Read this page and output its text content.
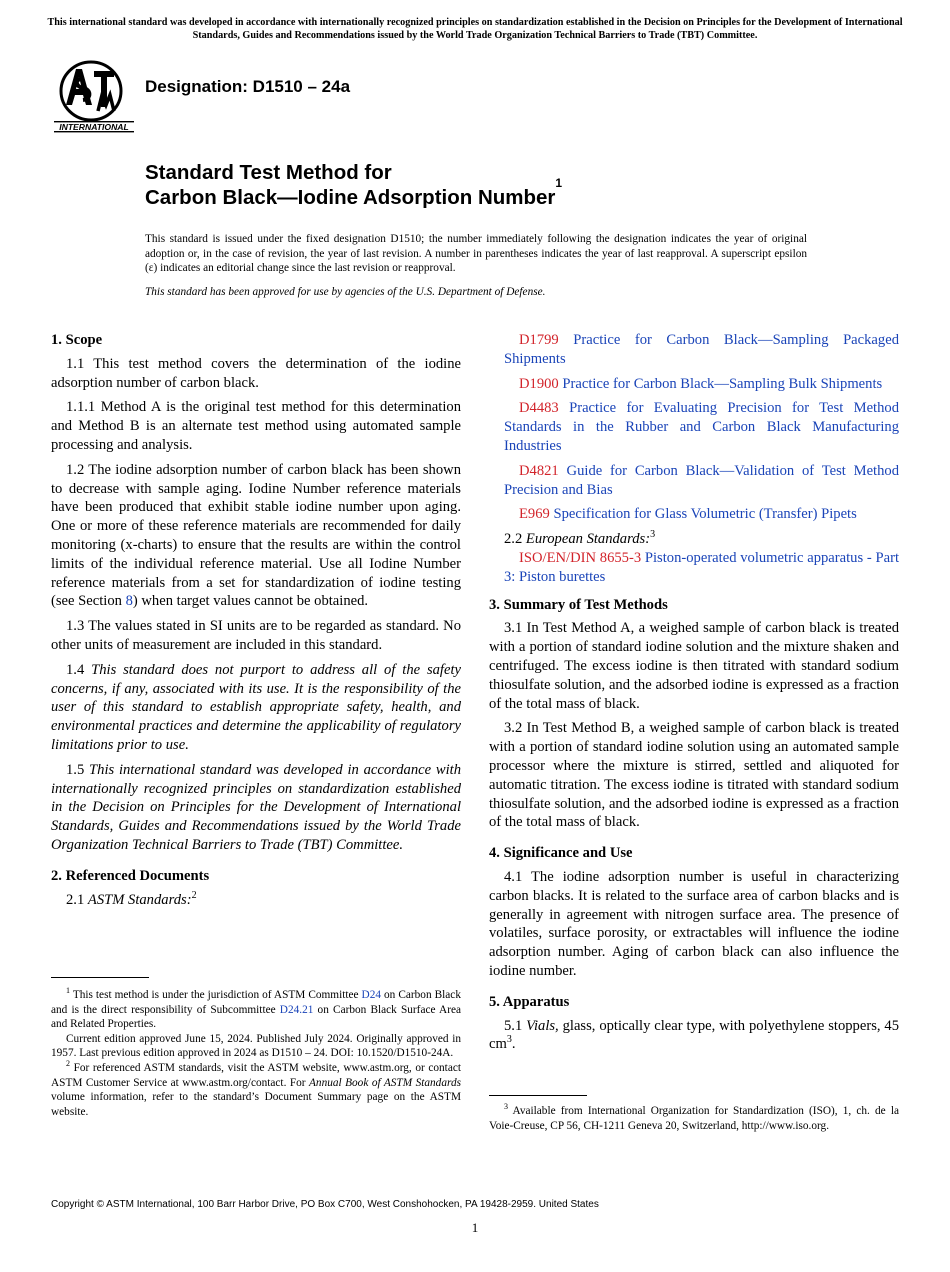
This international standard was developed in accordance with internationally recognized principles on standardization established in the Decision on Principles for the Development of International Standards, Guides and Recommendations issued by the World Trade Organization Technical Barriers to Trade (TBT) Committee.
INTERNATIONAL
Designation: D1510 – 24a
Standard Test Method for
Carbon Black—Iodine Adsorption Number$^1$
This standard is issued under the fixed designation D1510; the number immediately following the designation indicates the year of original adoption or, in the case of revision, the year of last revision. A number in parentheses indicates the year of last reapproval. A superscript epsilon (ε) indicates an editorial change since the last revision or reapproval.
This standard has been approved for use by agencies of the U.S. Department of Defense.
1. Scope

1.1 This test method covers the determination of the iodine adsorption number of carbon black.

1.1.1 Method A is the original test method for this determination and Method B is an alternate test method using automated sample processing and analysis.

1.2 The iodine adsorption number of carbon black has been shown to decrease with sample aging. Iodine Number reference materials have been produced that exhibit stable iodine number upon aging. One or more of these reference materials are recommended for daily monitoring (x-charts) to ensure that the results are within the control limits of the individual reference material. Use all Iodine Number reference materials from a set for standardization of iodine testing (see Section 8) when target values cannot be obtained.

1.3 The values stated in SI units are to be regarded as standard. No other units of measurement are included in this standard.

1.4 This standard does not purport to address all of the safety concerns, if any, associated with its use. It is the responsibility of the user of this standard to establish appropriate safety, health, and environmental practices and determine the applicability of regulatory limitations prior to use.

1.5 This international standard was developed in accordance with internationally recognized principles on standardization established in the Decision on Principles for the Development of International Standards, Guides and Recommendations issued by the World Trade Organization Technical Barriers to Trade (TBT) Committee.

2. Referenced Documents

2.1 ASTM Standards:$^2$

D1799 Practice for Carbon Black—Sampling Packaged Shipments

D1900 Practice for Carbon Black—Sampling Bulk Shipments

D4483 Practice for Evaluating Precision for Test Method Standards in the Rubber and Carbon Black Manufacturing Industries

D4821 Guide for Carbon Black—Validation of Test Method Precision and Bias

E969 Specification for Glass Volumetric (Transfer) Pipets

2.2 European Standards:$^3$

ISO/EN/DIN 8655-3 Piston-operated volumetric apparatus - Part 3: Piston burettes

3. Summary of Test Methods

3.1 In Test Method A, a weighed sample of carbon black is treated with a portion of standard iodine solution and the mixture shaken and centrifuged. The excess iodine is then titrated with standard sodium thiosulfate solution, and the adsorbed iodine is expressed as a fraction of the total mass of black.

3.2 In Test Method B, a weighed sample of carbon black is treated with a portion of standard iodine solution using an automated sample processor where the mixture is stirred, settled and aliquoted for automatic titration. The excess iodine is titrated with standard sodium thiosulfate solution, and the adsorbed iodine is expressed as a fraction of the total mass of black.

4. Significance and Use

4.1 The iodine adsorption number is useful in characterizing carbon blacks. It is related to the surface area of carbon blacks and is generally in agreement with nitrogen surface area. The presence of volatiles, surface porosity, or extractables will influence the iodine adsorption number. Aging of carbon black can also influence the iodine number.

5. Apparatus

5.1 Vials, glass, optically clear type, with polyethylene stoppers, 45 $cm^3$.

$^1$ This test method is under the jurisdiction of ASTM Committee D24 on Carbon Black and is the direct responsibility of Subcommittee D24.21 on Carbon Black Surface Area and Related Properties.

Current edition approved June 15, 2024. Published July 2024. Originally approved in 1957. Last previous edition approved in 2024 as D1510 – 24. DOI: 10.1520/D1510-24A.

$^2$ For referenced ASTM standards, visit the ASTM website, www.astm.org, or contact ASTM Customer Service at www.astm.org/contact. For Annual Book of ASTM Standards volume information, refer to the standard’s Document Summary page on the ASTM website.	$^3$ Available from International Organization for Standardization (ISO), 1, ch. de la Voie-Creuse, CP 56, CH-1211 Geneva 20, Switzerland, http://www.iso.org.

Copyright © ASTM International, 100 Barr Harbor Drive, PO Box C700, West Conshohocken, PA 19428-2959. United States
1
